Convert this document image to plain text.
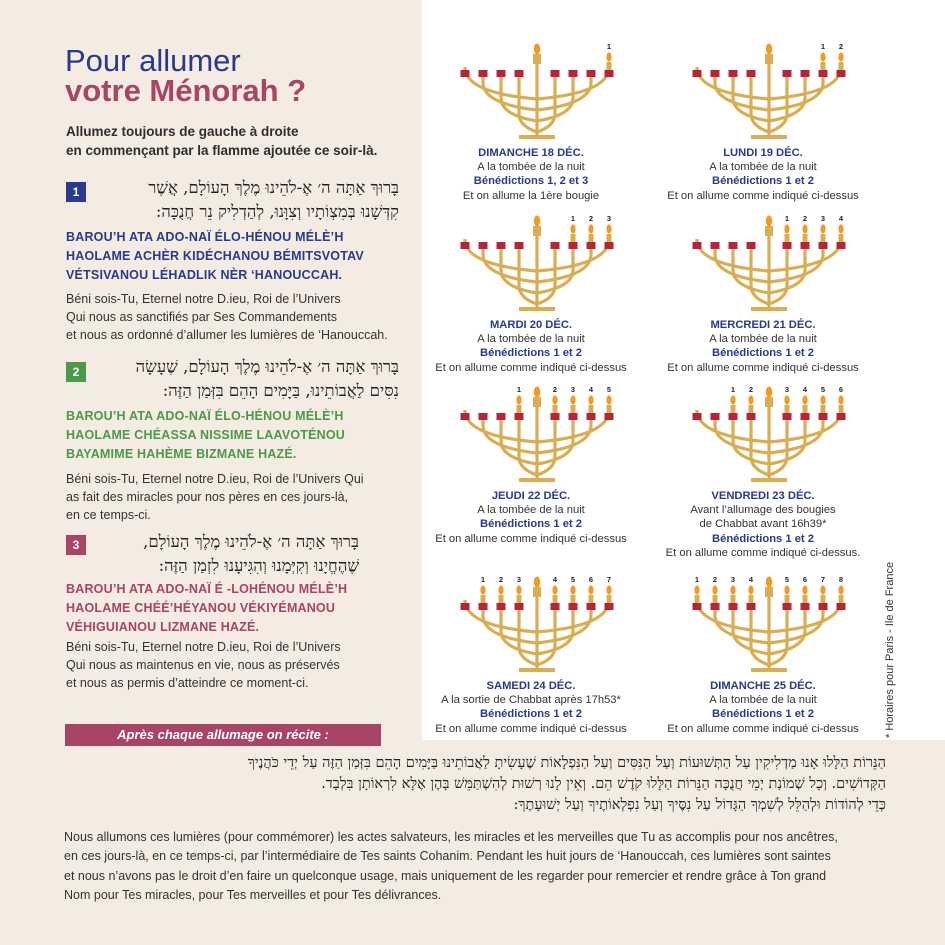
Pour allumer
votre Ménorah ?
Allumez toujours de gauche à droite
en commençant par la flamme ajoutée ce soir-là.
1	בָּרוּךְ אַתָּה ה׳ אֶ-לֹהֵינוּ מֶלֶךְ הָעוֹלָם, אֲשֶׁר
קִדְּשָׁנוּ בְּמִצְוֹתָיו וְצִוָּנוּ, לְהַדְלִיק נֵר חֲנֻכָּה:
BAROU’H ATA ADO-NAÏ ÉLO-HÉNOU MÉLÈ’H
HAOLAME ACHÈR KIDÉCHANOU BÉMITSVOTAV
VÉTSIVANOU LÉHADLIK NÈR ‘HANOUCCAH.
Béni sois-Tu, Eternel notre D.ieu, Roi de l’Univers
Qui nous as sanctifiés par Ses Commandements
et nous as ordonné d’allumer les lumières de ‘Hanouccah.
2	בָּרוּךְ אַתָּה ה׳ אֶ-לֹהֵינוּ מֶלֶךְ הָעוֹלָם, שֶׁעָשָׂה
נִסִּים לַאֲבוֹתֵינוּ, בַּיָּמִים הָהֵם בִּזְּמַן הַזֶּה:
BAROU’H ATA ADO-NAÏ ÉLO-HÉNOU MÉLÈ’H
HAOLAME CHÉASSA NISSIME LAAVOTÉNOU
BAYAMIME HAHÈME BIZMANE HAZÉ.
Béni sois-Tu, Eternel notre D.ieu, Roi de l’Univers Qui
as fait des miracles pour nos pères en ces jours-là,
en ce temps-ci.
3	בָּרוּךְ אַתָּה ה׳ אֶ-לֹהֵינוּ מֶלֶךְ הָעוֹלָם,
שֶׁהֶחֱיָנוּ וְקִיְּמָנוּ וְהִגִּיעָנוּ לִזְמַן הַזֶּה:
BAROU’H ATA ADO-NAÏ É -LOHÉNOU MÉLÈ’H
HAOLAME CHÉÉ’HÉYANOU VÉKIYÉMANOU
VÉHIGUIANOU LIZMANE HAZÉ.
Béni sois-Tu, Eternel notre D.ieu, Roi de l’Univers
Qui nous as maintenus en vie, nous as préservés
et nous as permis d’atteindre ce moment-ci.
1
DIMANCHE 18 DÉC.
A la tombée de la nuit
Bénédictions 1, 2 et 3
Et on allume la 1ère bougie
1 2
LUNDI 19 DÉC.
A la tombée de la nuit
Bénédictions 1 et 2
Et on allume comme indiqué ci-dessus
1 2 3
MARDI 20 DÉC.
A la tombée de la nuit
Bénédictions 1 et 2
Et on allume comme indiqué ci-dessus
1 2 3 4
MERCREDI 21 DÉC.
A la tombée de la nuit
Bénédictions 1 et 2
Et on allume comme indiqué ci-dessus
1	2 3 4 5
JEUDI 22 DÉC.
A la tombée de la nuit
Bénédictions 1 et 2
Et on allume comme indiqué ci-dessus
1 2	3 4 5 6
VENDREDI 23 DÉC.
Avant l’allumage des bougies
de Chabbat avant 16h39*
Bénédictions 1 et 2
Et on allume comme indiqué ci-dessus.
1 2 3	4 5 6 7
SAMEDI 24 DÉC.
A la sortie de Chabbat après 17h53*
Bénédictions 1 et 2
Et on allume comme indiqué ci-dessus
1 2 3 4	5 6 7 8
DIMANCHE 25 DÉC.
A la tombée de la nuit
Bénédictions 1 et 2
Et on allume comme indiqué ci-dessus	* Horaires pour Paris - Ile de France
Après chaque allumage on récite :
הַנֵּרוֹת הַלָּלוּ אָנוּ מַדְלִיקִין עַל הַתְּשׁוּעוֹת וְעַל הַנִּסִּים וְעַל הַנִּפְלָאוֹת שֶׁעָשִׂיתָ לַאֲבוֹתֵינוּ בַּיָּמִים הָהֵם בִּזְּמַן הַזֶּה עַל יְדֵי כֹּהֲנֶיךָ
הַקְּדוֹשִׁים. וְכָל שְׁמוֹנַת יְמֵי חֲנֻכָּה הַנֵּרוֹת הַלָּלוּ קֹדֶשׁ הֵם. וְאֵין לָנוּ רְשׁוּת לְהִשְׁתַּמֵּשׁ בָּהֶן אֶלָּא לִרְאוֹתָן בִּלְבָד.
כְּדֵי לְהוֹדוֹת וּלְהַלֵּל לְשִׁמְךָ הַגָּדוֹל עַל נִסֶּיךָ וְעַל נִפְלְאוֹתֶיךָ וְעַל יְשׁוּעָתֶךָ:
Nous allumons ces lumières (pour commémorer) les actes salvateurs, les miracles et les merveilles que Tu as accomplis pour nos ancêtres,
en ces jours-là, en ce temps-ci, par l’intermédiaire de Tes saints Cohanim. Pendant les huit jours de ‘Hanouccah, ces lumières sont saintes
et nous n’avons pas le droit d’en faire un quelconque usage, mais uniquement de les regarder pour remercier et rendre grâce à Ton grand
Nom pour Tes miracles, pour Tes merveilles et pour Tes délivrances.
